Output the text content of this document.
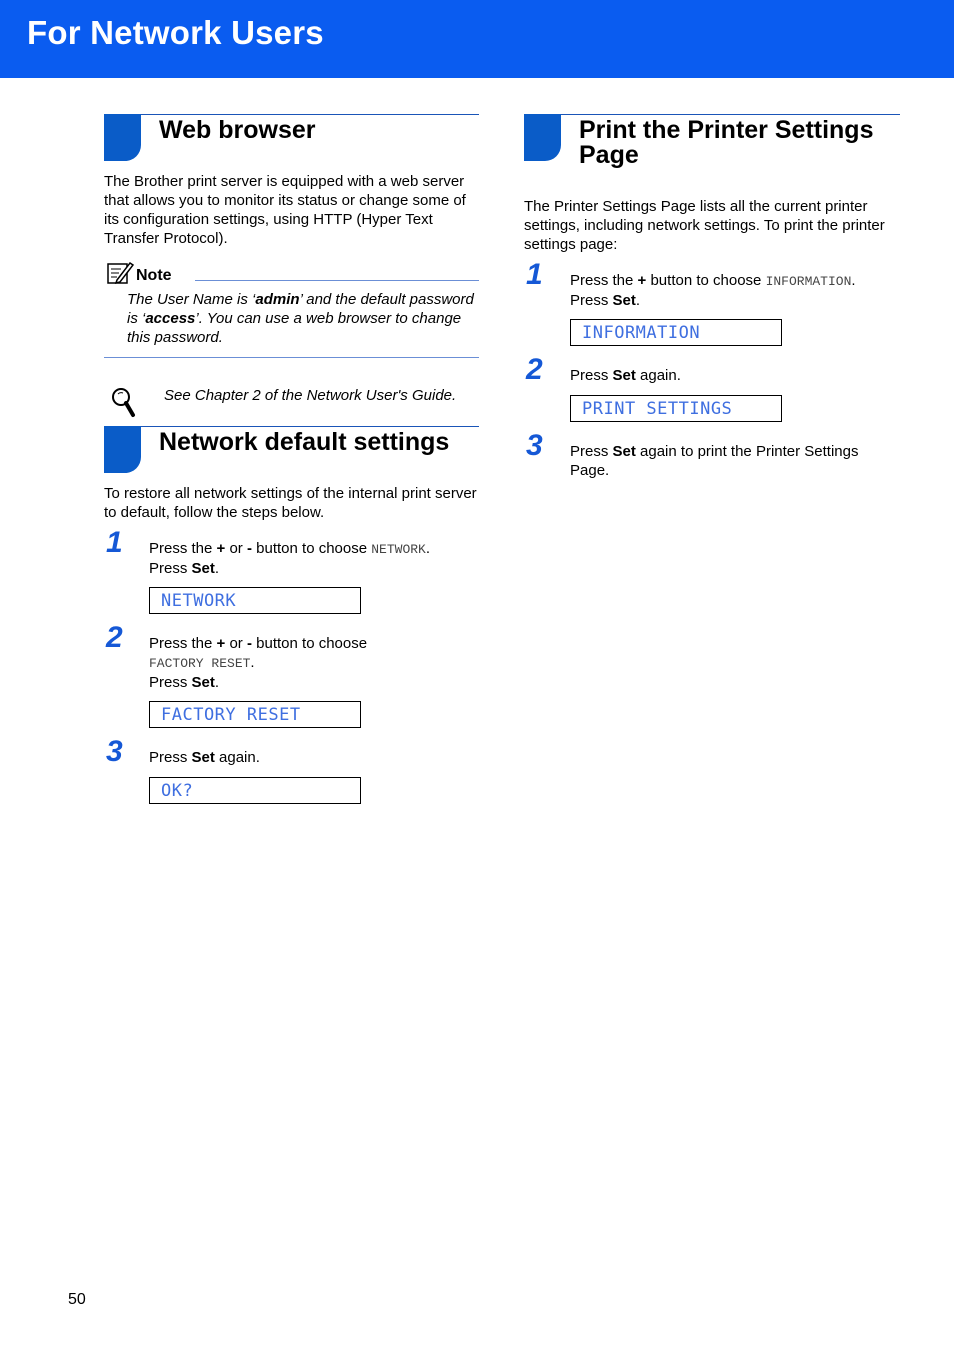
For Network Users
Web browser

The Brother print server is equipped with a web server that allows you to monitor its status or change some of its configuration settings, using HTTP (Hyper Text Transfer Protocol).

Note

The User Name is ‘admin’ and the default password is ‘access’. You can use a web browser to change this password.

See Chapter 2 of the Network User's Guide.
Network default settings

To restore all network settings of the internal print server to default, follow the steps below.

1 Press the + or - button to choose NETWORK.
Press Set.

NETWORK
2 Press the + or - button to choose
FACTORY RESET.
Press Set.

FACTORY RESET
3 Press Set again.

OK?
Print the Printer Settings
Page

The Printer Settings Page lists all the current printer settings, including network settings. To print the printer settings page:

1 Press the + button to choose INFORMATION.
Press Set.

INFORMATION
2 Press Set again.

PRINT SETTINGS
3 Press Set again to print the Printer Settings Page.

50
